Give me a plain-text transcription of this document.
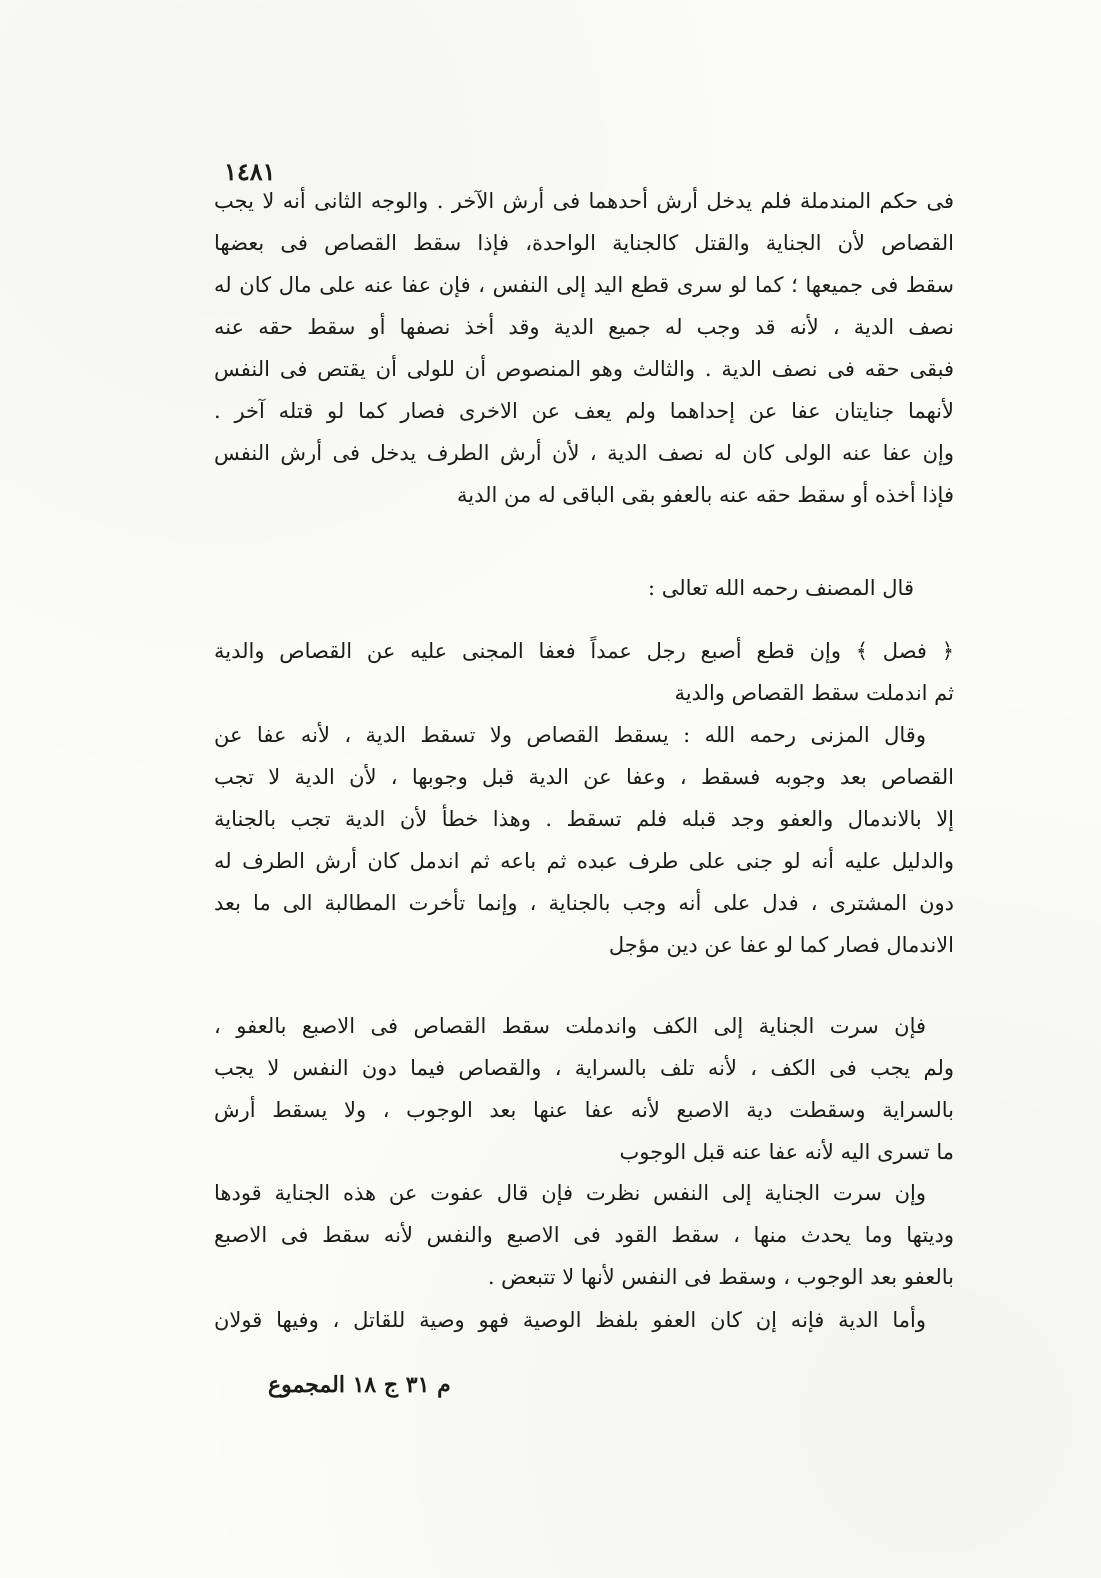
١٤٨١
فى حكم المندملة فلم يدخل أرش أحدهما فى أرش الآخر . والوجه الثانى أنه لا يجب
القصاص لأن الجناية والقتل كالجناية الواحدة، فإذا سقط القصاص فى بعضها
سقط فى جميعها ؛ كما لو سرى قطع اليد إلى النفس ، فإن عفا عنه على مال كان له
نصف الدية ، لأنه قد وجب له جميع الدية وقد أخذ نصفها أو سقط حقه عنه
فبقى حقه فى نصف الدية . والثالث وهو المنصوص أن للولى أن يقتص فى النفس
لأنهما جنايتان عفا عن إحداهما ولم يعف عن الاخرى فصار كما لو قتله آخر .
وإن عفا عنه الولى كان له نصف الدية ، لأن أرش الطرف يدخل فى أرش النفس
فإذا أخذه أو سقط حقه عنه بالعفو بقى الباقى له من الدية
قال المصنف رحمه الله تعالى :
﴿ فصل ﴾ وإن قطع أصبع رجل عمداً فعفا المجنى عليه عن القصاص والدية
ثم اندملت سقط القصاص والدية
وقال المزنى رحمه الله : يسقط القصاص ولا تسقط الدية ، لأنه عفا عن
القصاص بعد وجوبه فسقط ، وعفا عن الدية قبل وجوبها ، لأن الدية لا تجب
إلا بالاندمال والعفو وجد قبله فلم تسقط . وهذا خطأ لأن الدية تجب بالجناية
والدليل عليه أنه لو جنى على طرف عبده ثم باعه ثم اندمل كان أرش الطرف له
دون المشترى ، فدل على أنه وجب بالجناية ، وإنما تأخرت المطالبة الى ما بعد
الاندمال فصار كما لو عفا عن دين مؤجل
فإن سرت الجناية إلى الكف واندملت سقط القصاص فى الاصبع بالعفو ،
ولم يجب فى الكف ، لأنه تلف بالسراية ، والقصاص فيما دون النفس لا يجب
بالسراية وسقطت دية الاصبع لأنه عفا عنها بعد الوجوب ، ولا يسقط أرش
ما تسرى اليه لأنه عفا عنه قبل الوجوب
وإن سرت الجناية إلى النفس نظرت فإن قال عفوت عن هذه الجناية قودها
وديتها وما يحدث منها ، سقط القود فى الاصبع والنفس لأنه سقط فى الاصبع
بالعفو بعد الوجوب ، وسقط فى النفس لأنها لا تتبعض .
وأما الدية فإنه إن كان العفو بلفظ الوصية فهو وصية للقاتل ، وفيها قولان
م ٣١ ج ١٨ المجموع
